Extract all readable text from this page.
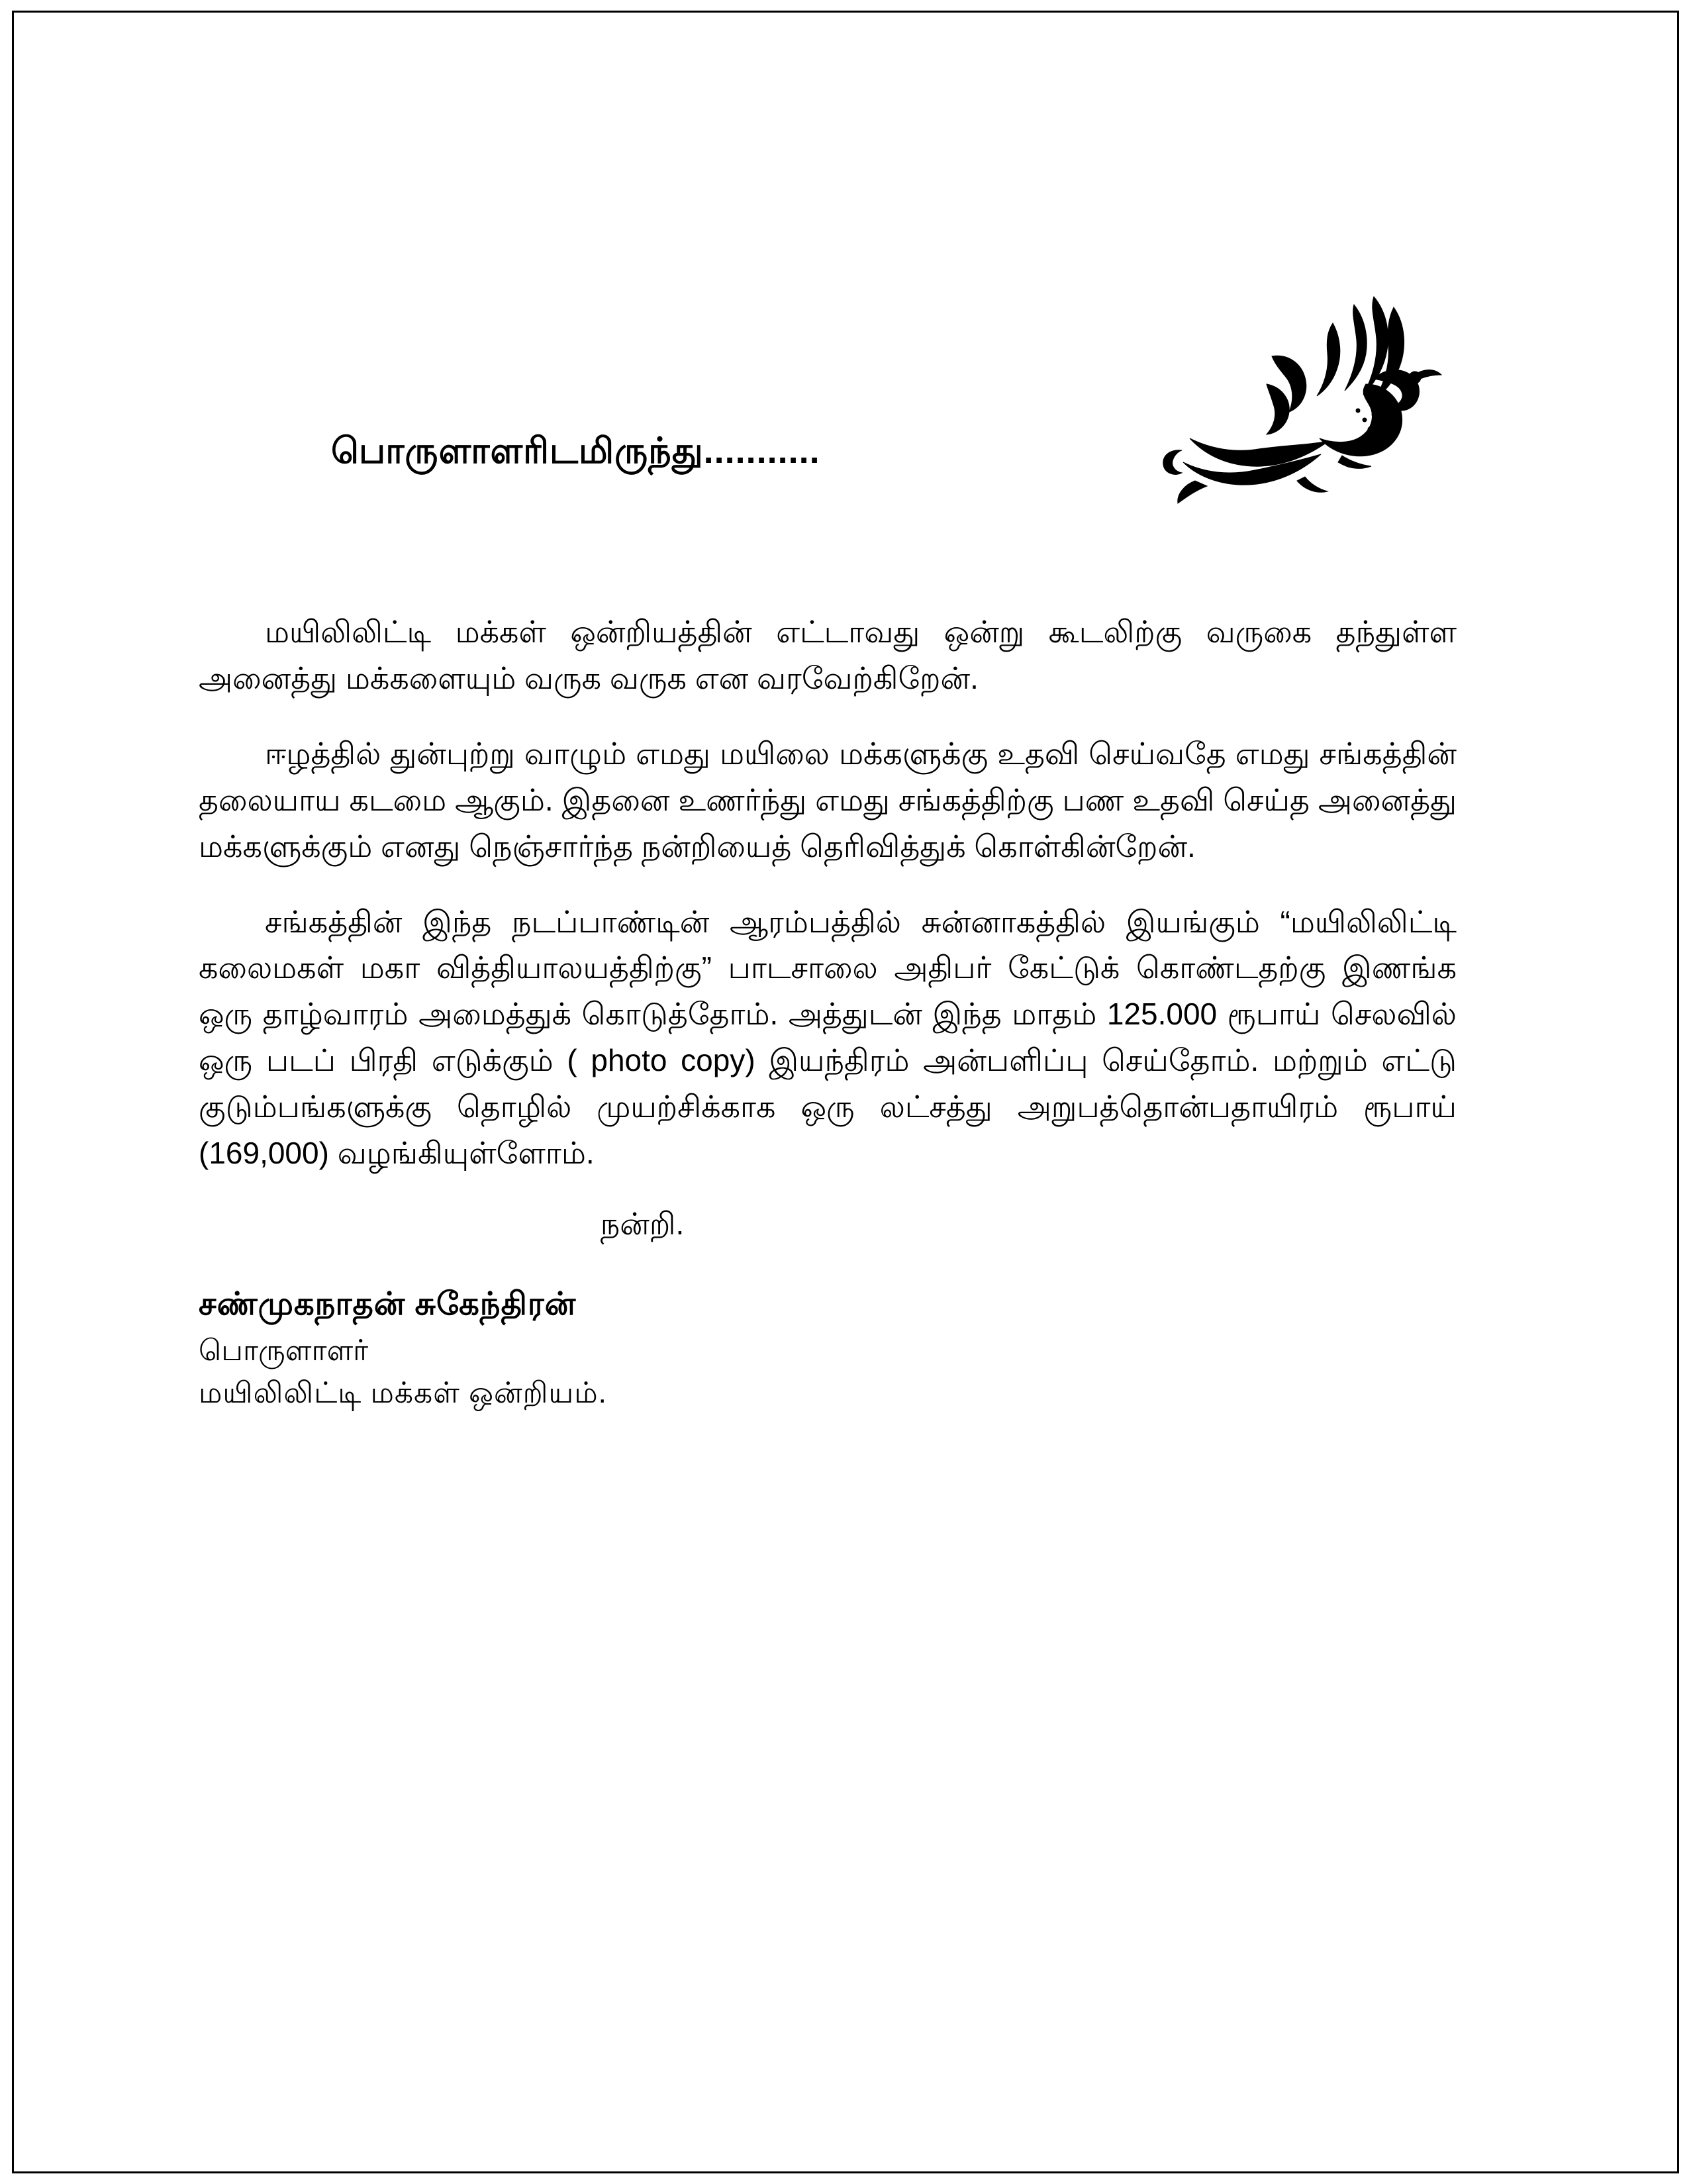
பொருளாளரிடமிருந்து...........

மயிலிலிட்டி மக்கள் ஒன்றியத்தின் எட்டாவது ஒன்று கூடலிற்கு வருகை தந்துள்ள அனைத்து மக்களையும் வருக வருக என வரவேற்கிறேன்.

ஈழத்தில் துன்புற்று வாழும் எமது மயிலை மக்களுக்கு உதவி செய்வதே எமது சங்கத்தின் தலையாய கடமை ஆகும். இதனை உணர்ந்து எமது சங்கத்திற்கு பண உதவி செய்த அனைத்து மக்களுக்கும் எனது நெஞ்சார்ந்த நன்றியைத் தெரிவித்துக் கொள்கின்றேன்.

சங்கத்தின் இந்த நடப்பாண்டின் ஆரம்பத்தில் சுன்னாகத்தில் இயங்கும் “மயிலிலிட்டி கலைமகள் மகா வித்தியாலயத்திற்கு” பாடசாலை அதிபர் கேட்டுக் கொண்டதற்கு இணங்க ஒரு தாழ்வாரம் அமைத்துக் கொடுத்தோம். அத்துடன் இந்த மாதம் 125.000 ரூபாய் செலவில் ஒரு படப் பிரதி எடுக்கும் ( photo copy) இயந்திரம் அன்பளிப்பு செய்தோம். மற்றும் எட்டு குடும்பங்களுக்கு தொழில் முயற்சிக்காக ஒரு லட்சத்து அறுபத்தொன்பதாயிரம் ரூபாய் (169,000) வழங்கியுள்ளோம்.

நன்றி.
சண்முகநாதன் சுகேந்திரன்
பொருளாளர்
மயிலிலிட்டி மக்கள் ஒன்றியம்.
